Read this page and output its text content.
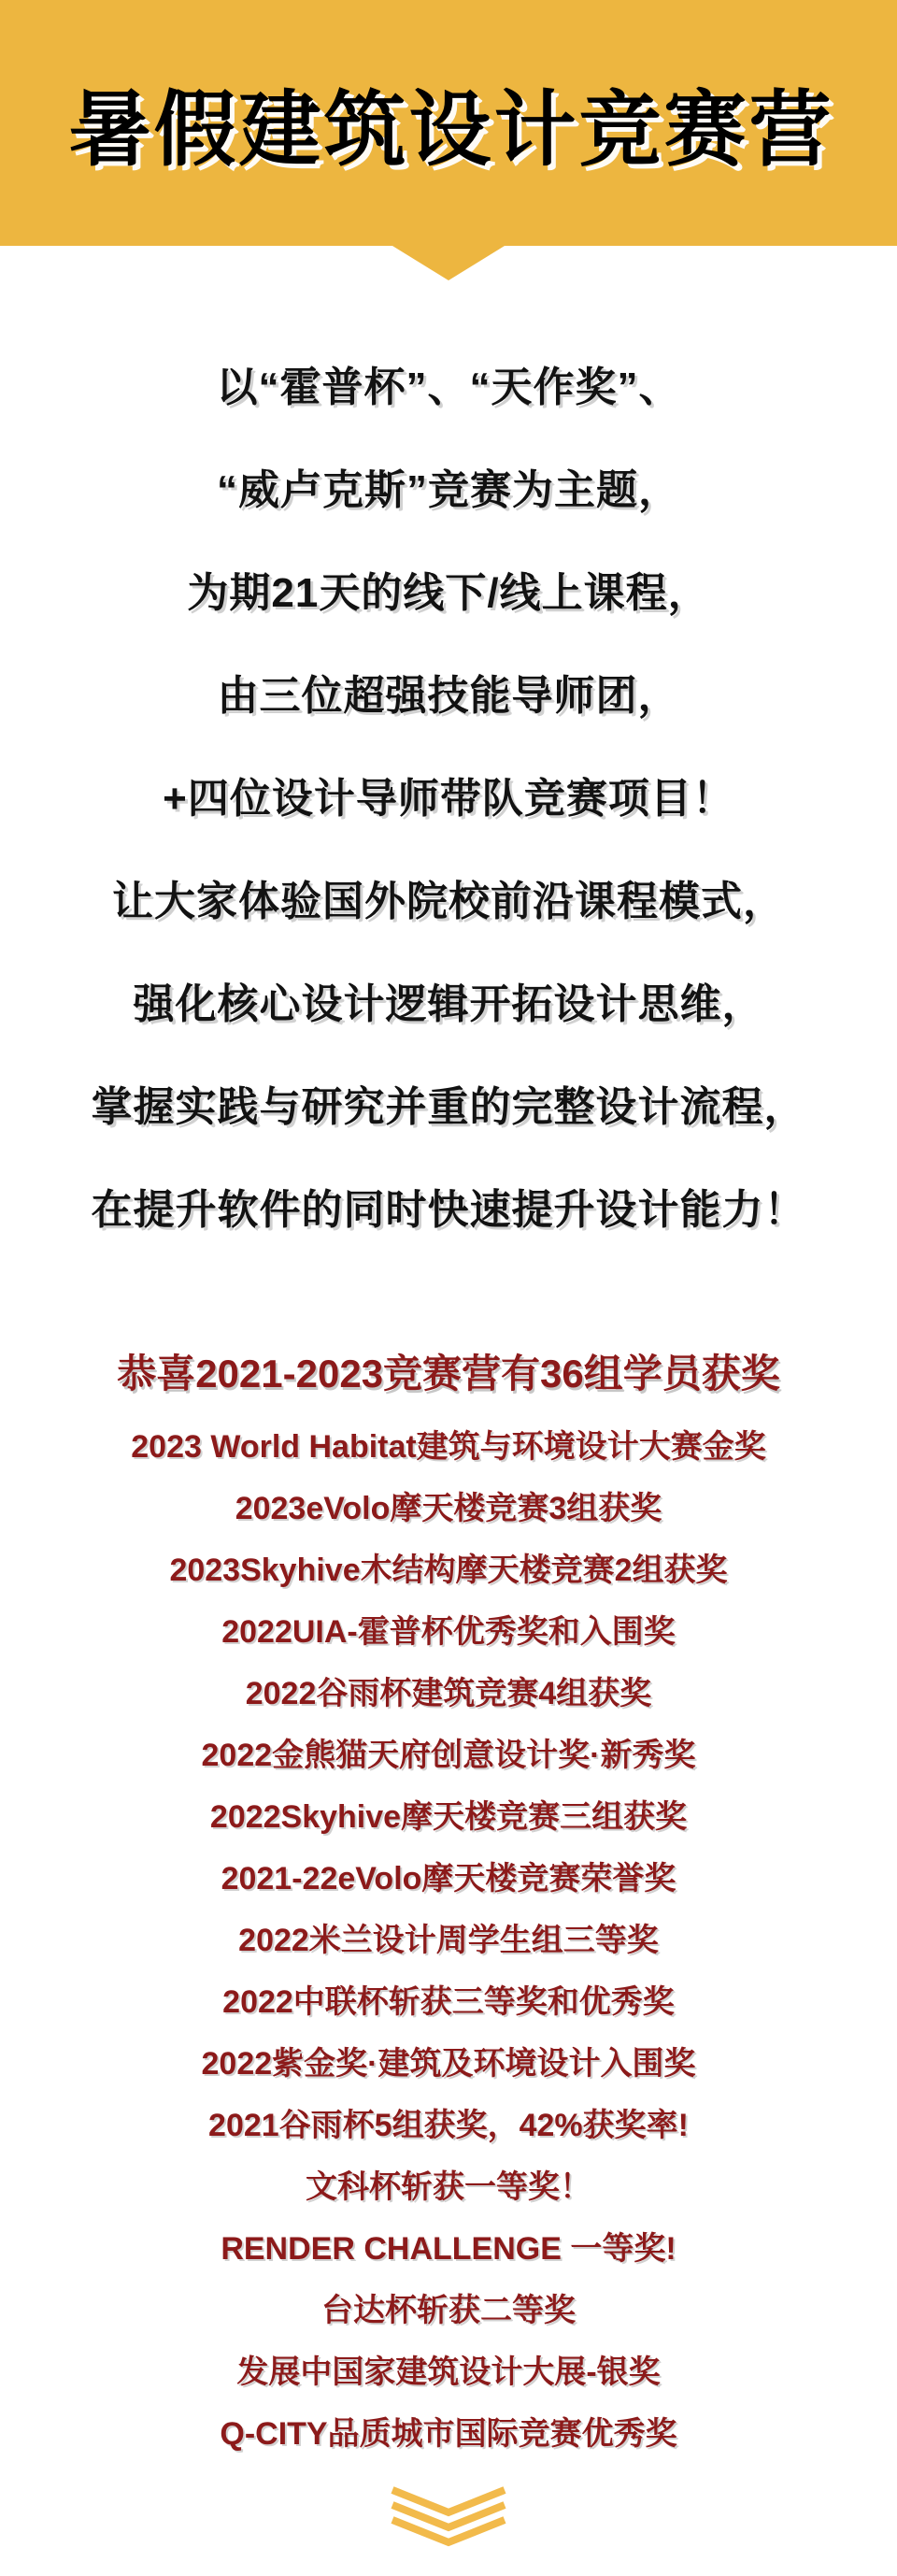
暑假建筑设计竞赛营

以“霍普杯”、“天作奖”、

“威卢克斯”竞赛为主题，

为期21天的线下/线上课程，

由三位超强技能导师团，

+四位设计导师带队竞赛项目！

让大家体验国外院校前沿课程模式，

强化核心设计逻辑开拓设计思维，

掌握实践与研究并重的完整设计流程，

在提升软件的同时快速提升设计能力！

恭喜2021-2023竞赛营有36组学员获奖

2023 World Habitat建筑与环境设计大赛金奖

2023eVolo摩天楼竞赛3组获奖

2023Skyhive木结构摩天楼竞赛2组获奖

2022UIA-霍普杯优秀奖和入围奖

2022谷雨杯建筑竞赛4组获奖

2022金熊猫天府创意设计奖·新秀奖

2022Skyhive摩天楼竞赛三组获奖

2021-22eVolo摩天楼竞赛荣誉奖

2022米兰设计周学生组三等奖

2022中联杯斩获三等奖和优秀奖

2022紫金奖·建筑及环境设计入围奖

2021谷雨杯5组获奖，42%获奖率!

文科杯斩获一等奖！

RENDER CHALLENGE 一等奖!

台达杯斩获二等奖

发展中国家建筑设计大展-银奖

Q-CITY品质城市国际竞赛优秀奖
